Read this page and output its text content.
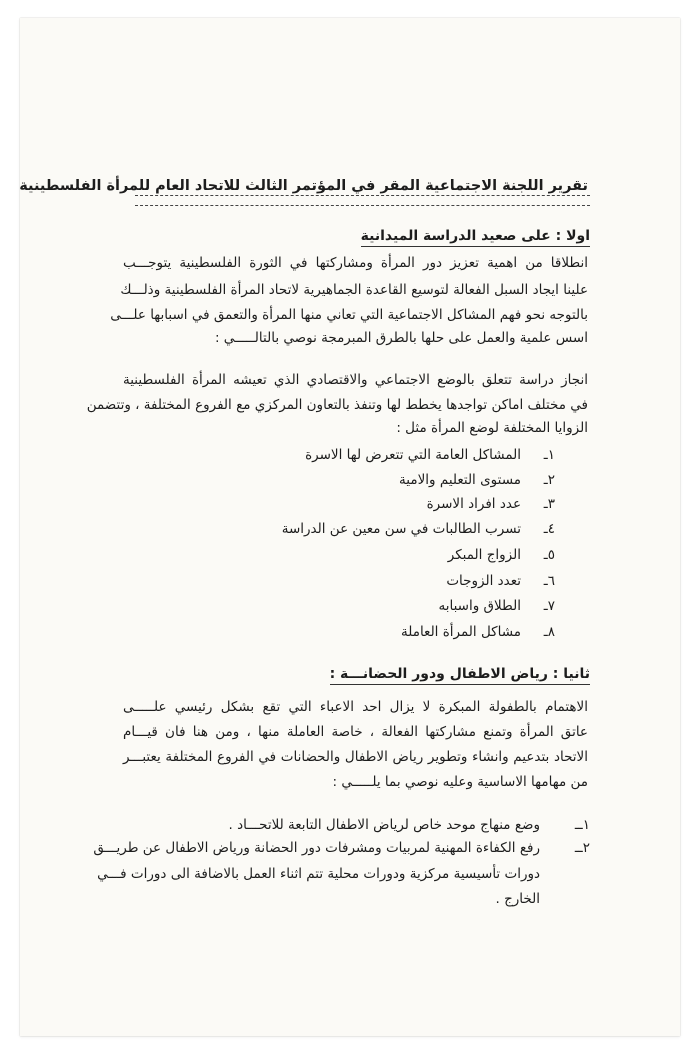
تقرير اللجنة الاجتماعية المقر في المؤتمر الثالث للاتحاد العام للمرأة الفلسطينية
اولا : على صعيد الدراسة الميدانية
انطلاقا من اهمية تعزيز دور المرأة ومشاركتها في الثورة الفلسطينية يتوجـــب
علينا ايجاد السبل الفعالة لتوسيع القاعدة الجماهيرية لاتحاد المرأة الفلسطينية وذلـــك
بالتوجه نحو فهم المشاكل الاجتماعية التي تعاني منها المرأة والتعمق في اسبابها علـــى
اسس علمية والعمل على حلها بالطرق المبرمجة نوصي بالتالـــــي :
انجاز دراسة تتعلق بالوضع الاجتماعي والاقتصادي الذي تعيشه المرأة الفلسطينية
في مختلف اماكن تواجدها يخطط لها وتنفذ بالتعاون المركزي مع الفروع المختلفة ، وتتضمن
الزوايا المختلفة لوضع المرأة مثل :
١ـالمشاكل العامة التي تتعرض لها الاسرة
٢ـمستوى التعليم والامية
٣ـعدد افراد الاسرة
٤ـتسرب الطالبات في سن معين عن الدراسة
٥ـالزواج المبكر
٦ـتعدد الزوجات
٧ـالطلاق واسبابه
٨ـمشاكل المرأة العاملة
ثانيا : رياض الاطفال ودور الحضانـــة :
الاهتمام بالطفولة المبكرة لا يزال احد الاعباء التي تقع بشكل رئيسي علـــــى
عاتق المرأة وتمنع مشاركتها الفعالة ، خاصة العاملة منها ، ومن هنا فان قيـــام
الاتحاد بتدعيم وانشاء وتطوير رياض الاطفال والحضانات في الفروع المختلفة يعتبـــر
من مهامها الاساسية وعليه نوصي بما يلـــــي :
١ــ
وضع منهاج موحد خاص لرياض الاطفال التابعة للاتحـــاد .
٢ــ
رفع الكفاءة المهنية لمربيات ومشرفات دور الحضانة ورياض الاطفال عن طريـــق
دورات تأسيسية مركزية ودورات محلية تتم اثناء العمل بالاضافة الى دورات فـــي
الخارج .
